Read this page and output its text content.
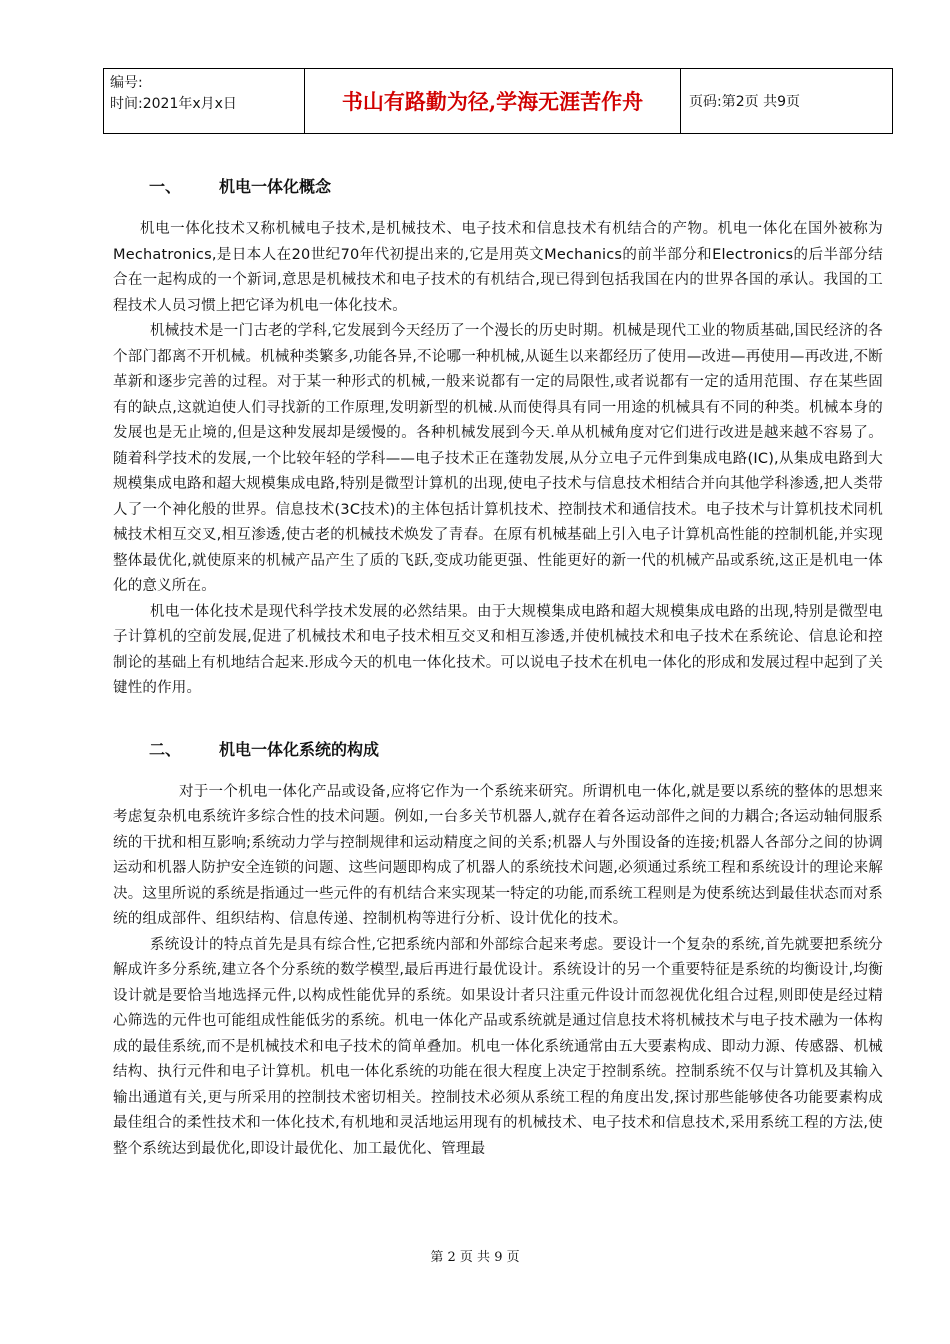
编号:
时间:2021年x月x日	书山有路勤为径,学海无涯苦作舟	页码:第2页 共9页
一、	机电一体化概念

机电一体化技术又称机械电子技术,是机械技术、电子技术和信息技术有机结合的产物。机电一体化在国外被称为Mechatronics,是日本人在20世纪70年代初提出来的,它是用英文Mechanics的前半部分和Electronics的后半部分结合在一起构成的一个新词,意思是机械技术和电子技术的有机结合,现已得到包括我国在内的世界各国的承认。我国的工程技术人员习惯上把它译为机电一体化技术。

机械技术是一门古老的学科,它发展到今天经历了一个漫长的历史时期。机械是现代工业的物质基础,国民经济的各个部门都离不开机械。机械种类繁多,功能各异,不论哪一种机械,从诞生以来都经历了使用—改进—再使用—再改进,不断革新和逐步完善的过程。对于某一种形式的机械,一般来说都有一定的局限性,或者说都有一定的适用范围、存在某些固有的缺点,这就迫使人们寻找新的工作原理,发明新型的机械.从而使得具有同一用途的机械具有不同的种类。机械本身的发展也是无止境的,但是这种发展却是缓慢的。各种机械发展到今天.单从机械角度对它们进行改进是越来越不容易了。随着科学技术的发展,一个比较年轻的学科——电子技术正在蓬勃发展,从分立电子元件到集成电路(IC),从集成电路到大规模集成电路和超大规模集成电路,特别是微型计算机的出现,使电子技术与信息技术相结合并向其他学科渗透,把人类带人了一个神化般的世界。信息技术(3C技术)的主体包括计算机技术、控制技术和通信技术。电子技术与计算机技术同机械技术相互交叉,相互渗透,使古老的机械技术焕发了青春。在原有机械基础上引入电子计算机高性能的控制机能,并实现整体最优化,就使原来的机械产品产生了质的飞跃,变成功能更强、性能更好的新一代的机械产品或系统,这正是机电一体化的意义所在。

机电一体化技术是现代科学技术发展的必然结果。由于大规模集成电路和超大规模集成电路的出现,特别是微型电子计算机的空前发展,促进了机械技术和电子技术相互交叉和相互渗透,并使机械技术和电子技术在系统论、信息论和控制论的基础上有机地结合起来.形成今天的机电一体化技术。可以说电子技术在机电一体化的形成和发展过程中起到了关键性的作用。

二、	机电一体化系统的构成

对于一个机电一体化产品或设备,应将它作为一个系统来研究。所谓机电一体化,就是要以系统的整体的思想来考虑复杂机电系统许多综合性的技术问题。例如,一台多关节机器人,就存在着各运动部件之间的力耦合;各运动轴伺服系统的干扰和相互影响;系统动力学与控制规律和运动精度之间的关系;机器人与外围设备的连接;机器人各部分之间的协调运动和机器人防护安全连锁的问题、这些问题即构成了机器人的系统技术问题,必须通过系统工程和系统设计的理论来解决。这里所说的系统是指通过一些元件的有机结合来实现某一特定的功能,而系统工程则是为使系统达到最佳状态而对系统的组成部件、组织结构、信息传递、控制机构等进行分析、设计优化的技术。

系统设计的特点首先是具有综合性,它把系统内部和外部综合起来考虑。要设计一个复杂的系统,首先就要把系统分解成许多分系统,建立各个分系统的数学模型,最后再进行最优设计。系统设计的另一个重要特征是系统的均衡设计,均衡设计就是要恰当地选择元件,以构成性能优异的系统。如果设计者只注重元件设计而忽视优化组合过程,则即使是经过精心筛选的元件也可能组成性能低劣的系统。机电一体化产品或系统就是通过信息技术将机械技术与电子技术融为一体构成的最佳系统,而不是机械技术和电子技术的简单叠加。机电一体化系统通常由五大要素构成、即动力源、传感器、机械结构、执行元件和电子计算机。机电一体化系统的功能在很大程度上决定于控制系统。控制系统不仅与计算机及其输入输出通道有关,更与所采用的控制技术密切相关。控制技术必须从系统工程的角度出发,探讨那些能够使各功能要素构成最佳组合的柔性技术和一体化技术,有机地和灵活地运用现有的机械技术、电子技术和信息技术,采用系统工程的方法,使整个系统达到最优化,即设计最优化、加工最优化、管理最

第 2 页 共 9 页
